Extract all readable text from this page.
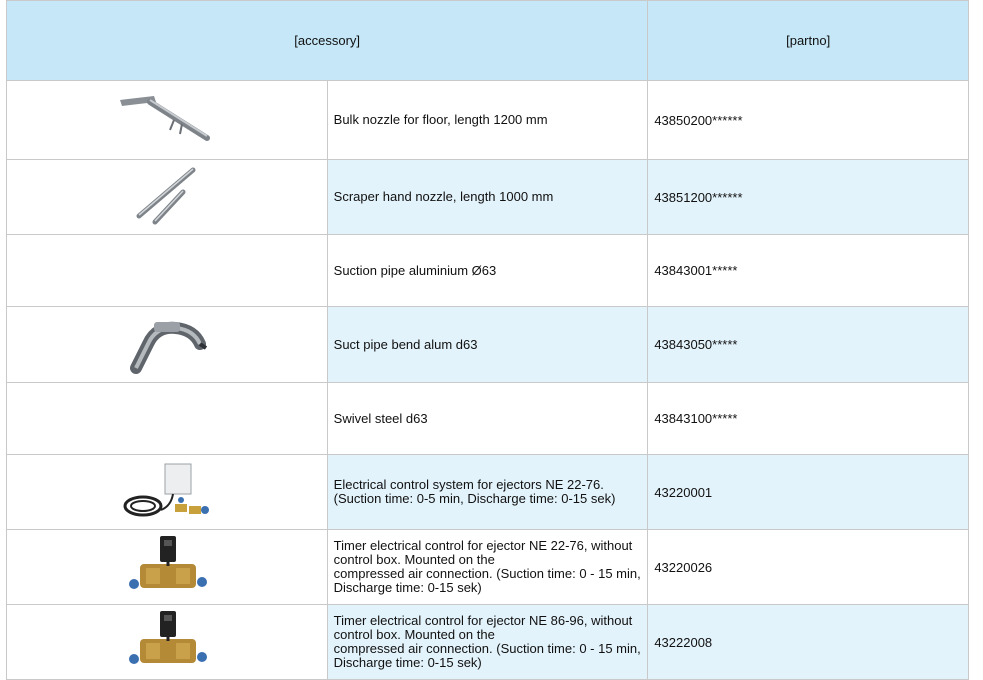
[accessory]		[partno]

Bulk nozzle for floor, length 1200 mm	43850200******

Scraper hand nozzle, length 1000 mm	43851200******

	Suction pipe aluminium Ø63	43843001*****

Suct pipe bend alum d63	43843050*****

	Swivel steel d63	43843100*****

Electrical control system for ejectors NE 22-76.
(Suction time: 0-5 min, Discharge time: 0-15 sek)	43220001

Timer electrical control for ejector NE 22-76, without control box. Mounted on the
compressed air connection. (Suction time: 0 - 15 min, Discharge time: 0-15 sek)	43220026

Timer electrical control for ejector NE 86-96, without control box. Mounted on the
compressed air connection. (Suction time: 0 - 15 min, Discharge time: 0-15 sek)	43222008
